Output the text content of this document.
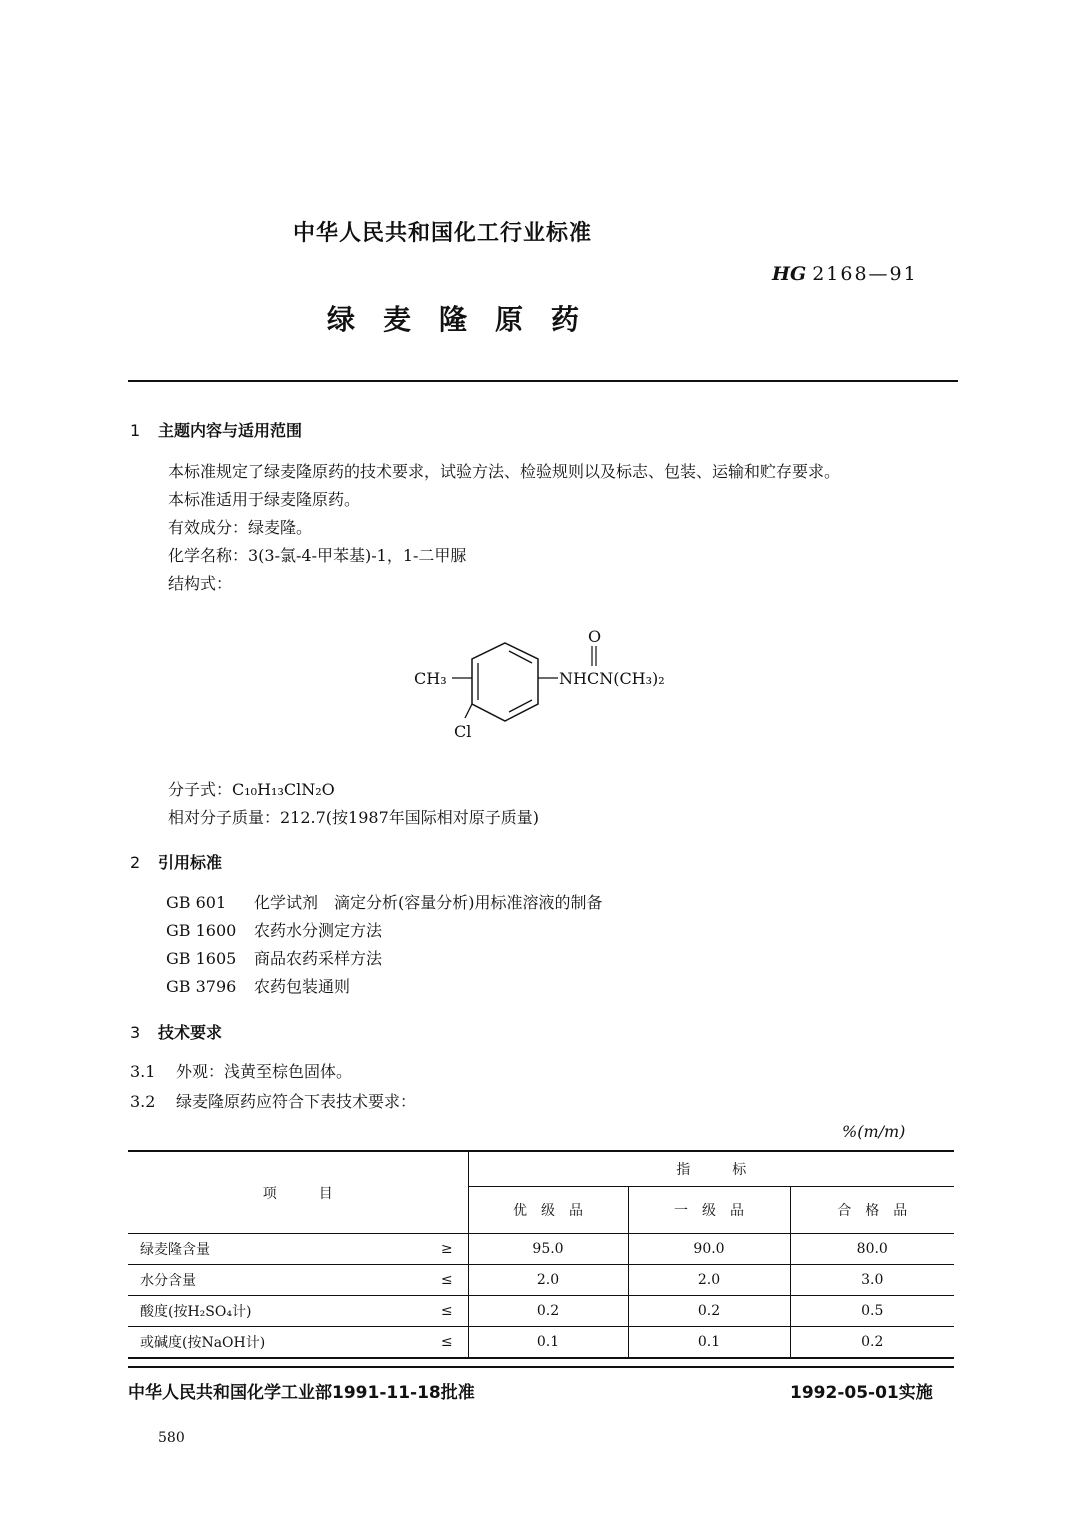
中华人民共和国化工行业标准
HG 2168—91
绿麦隆原药
1 主题内容与适用范围
本标准规定了绿麦隆原药的技术要求，试验方法、检验规则以及标志、包装、运输和贮存要求。
本标准适用于绿麦隆原药。
有效成分：绿麦隆。
化学名称：3(3-氯-4-甲苯基)-1，1-二甲脲
结构式：
CH₃	NHCN(CH₃)₂
O
Cl
分子式：C₁₀H₁₃ClN₂O
相对分子质量：212.7(按1987年国际相对原子质量)
2 引用标准
GB 601 化学试剂　滴定分析(容量分析)用标准溶液的制备
GB 1600 农药水分测定方法
GB 1605 商品农药采样方法
GB 3796 农药包装通则
3 技术要求
3.1 外观：浅黄至棕色固体。
3.2 绿麦隆原药应符合下表技术要求：
%(m/m)
项　　　目		指　　　标		
		优　级　品	一　级　品	合　格　品
绿麦隆含量	≥	95.0	90.0	80.0
水分含量	≤	2.0	2.0	3.0
酸度(按H₂SO₄计)	≤	0.2	0.2	0.5
或碱度(按NaOH计)	≤	0.1	0.1	0.2
中华人民共和国化学工业部1991-11-18批准	1992-05-01实施
580
